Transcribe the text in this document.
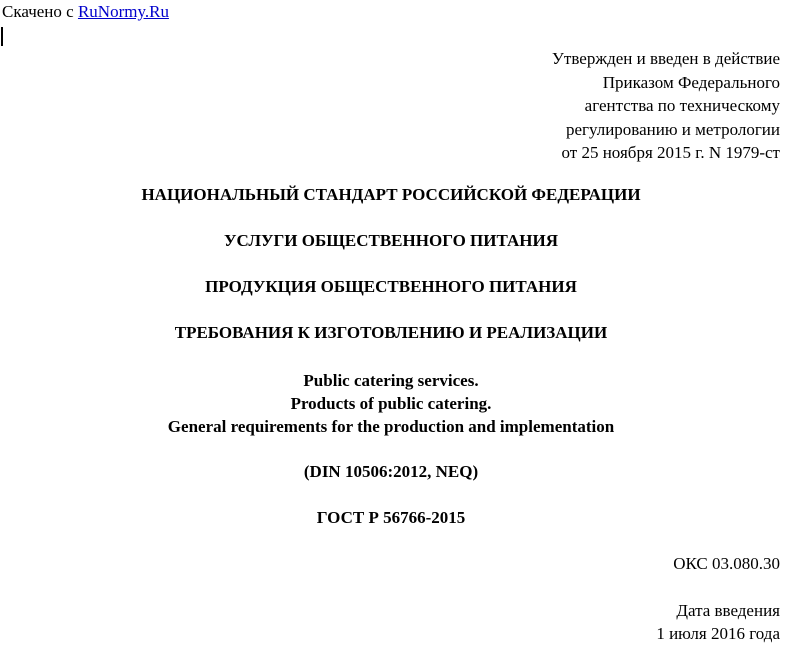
Скачено с RuNormy.Ru
Утвержден и введен в действие
Приказом Федерального
агентства по техническому
регулированию и метрологии
от 25 ноября 2015 г. N 1979-ст
НАЦИОНАЛЬНЫЙ СТАНДАРТ РОССИЙСКОЙ ФЕДЕРАЦИИ
УСЛУГИ ОБЩЕСТВЕННОГО ПИТАНИЯ
ПРОДУКЦИЯ ОБЩЕСТВЕННОГО ПИТАНИЯ
ТРЕБОВАНИЯ К ИЗГОТОВЛЕНИЮ И РЕАЛИЗАЦИИ
Public catering services.
Products of public catering.
General requirements for the production and implementation
(DIN 10506:2012, NEQ)
ГОСТ Р 56766-2015
ОКС 03.080.30
Дата введения
1 июля 2016 года
